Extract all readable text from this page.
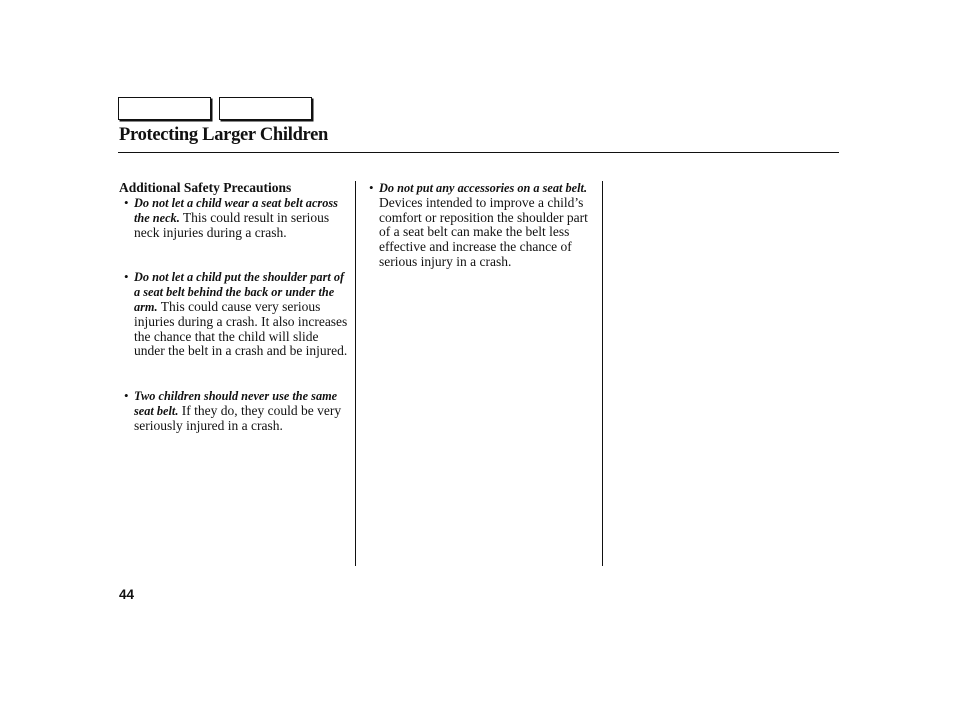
Protecting Larger Children
Additional Safety Precautions
• Do not let a child wear a seat belt across the neck. This could result in serious neck injuries during a crash.
• Do not let a child put the shoulder part of a seat belt behind the back or under the arm. This could cause very serious injuries during a crash. It also increases the chance that the child will slide under the belt in a crash and be injured.
• Two children should never use the same seat belt. If they do, they could be very seriously injured in a crash.
• Do not put any accessories on a seat belt. Devices intended to improve a child’s comfort or reposition the shoulder part of a seat belt can make the belt less effective and increase the chance of serious injury in a crash.

44
